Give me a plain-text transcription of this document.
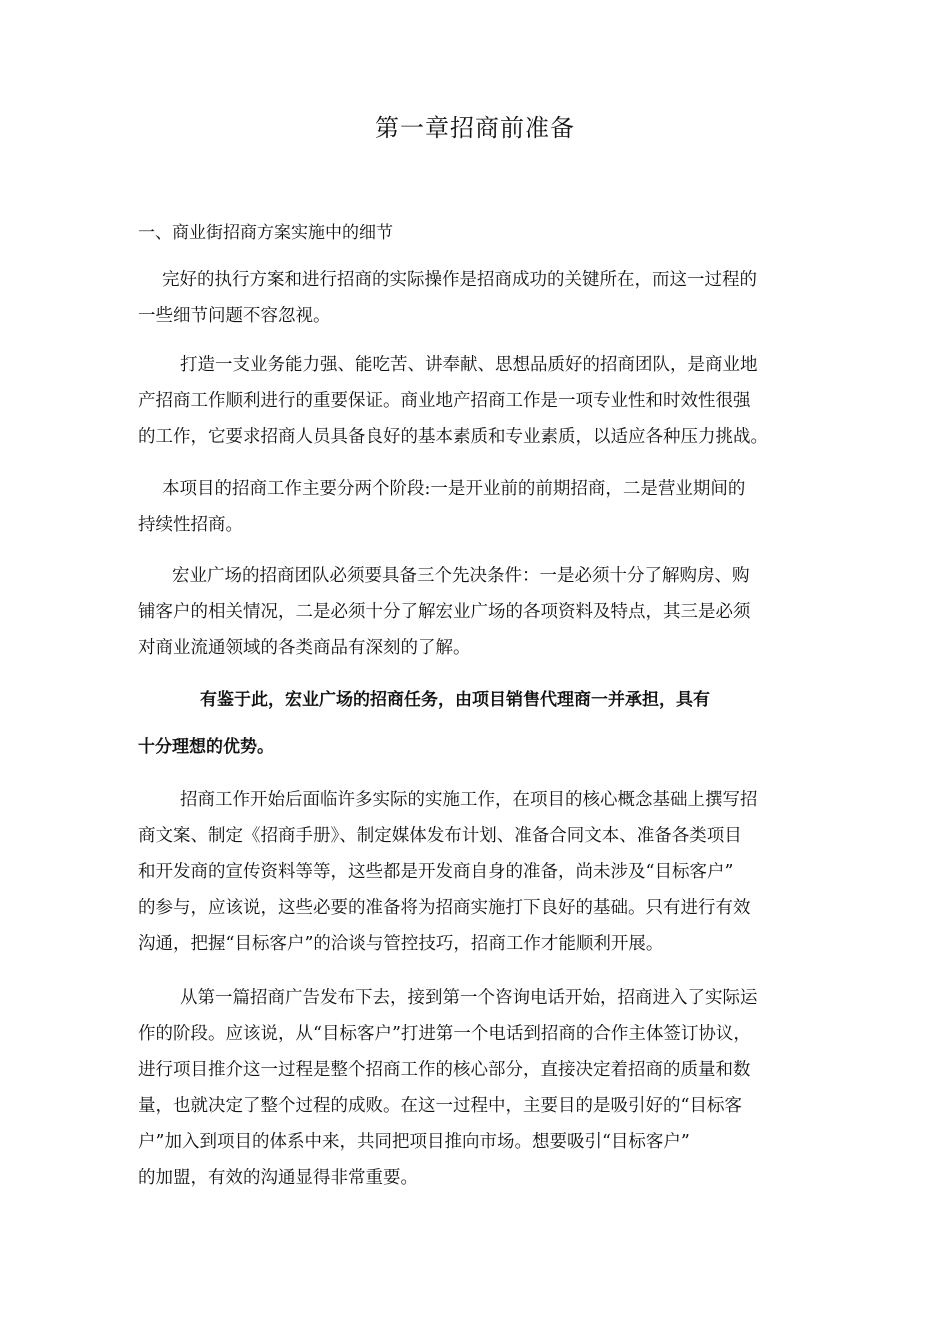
第一章招商前准备
一、商业街招商方案实施中的细节
完好的执行方案和进行招商的实际操作是招商成功的关键所在，而这一过程的
一些细节问题不容忽视。
打造一支业务能力强、能吃苦、讲奉献、思想品质好的招商团队，是商业地
产招商工作顺利进行的重要保证。商业地产招商工作是一项专业性和时效性很强
的工作，它要求招商人员具备良好的基本素质和专业素质，以适应各种压力挑战。
本项目的招商工作主要分两个阶段:一是开业前的前期招商，二是营业期间的
持续性招商。
宏业广场的招商团队必须要具备三个先决条件：一是必须十分了解购房、购
铺客户的相关情况，二是必须十分了解宏业广场的各项资料及特点，其三是必须
对商业流通领域的各类商品有深刻的了解。
有鉴于此，宏业广场的招商任务，由项目销售代理商一并承担，具有
十分理想的优势。
招商工作开始后面临许多实际的实施工作，在项目的核心概念基础上撰写招
商文案、制定《招商手册》、制定媒体发布计划、准备合同文本、准备各类项目
和开发商的宣传资料等等，这些都是开发商自身的准备，尚未涉及“目标客户”
的参与，应该说，这些必要的准备将为招商实施打下良好的基础。只有进行有效
沟通，把握“目标客户”的洽谈与管控技巧，招商工作才能顺利开展。
从第一篇招商广告发布下去，接到第一个咨询电话开始，招商进入了实际运
作的阶段。应该说，从“目标客户”打进第一个电话到招商的合作主体签订协议，
进行项目推介这一过程是整个招商工作的核心部分，直接决定着招商的质量和数
量，也就决定了整个过程的成败。在这一过程中，主要目的是吸引好的“目标客
户”加入到项目的体系中来，共同把项目推向市场。想要吸引“目标客户”
的加盟，有效的沟通显得非常重要。
